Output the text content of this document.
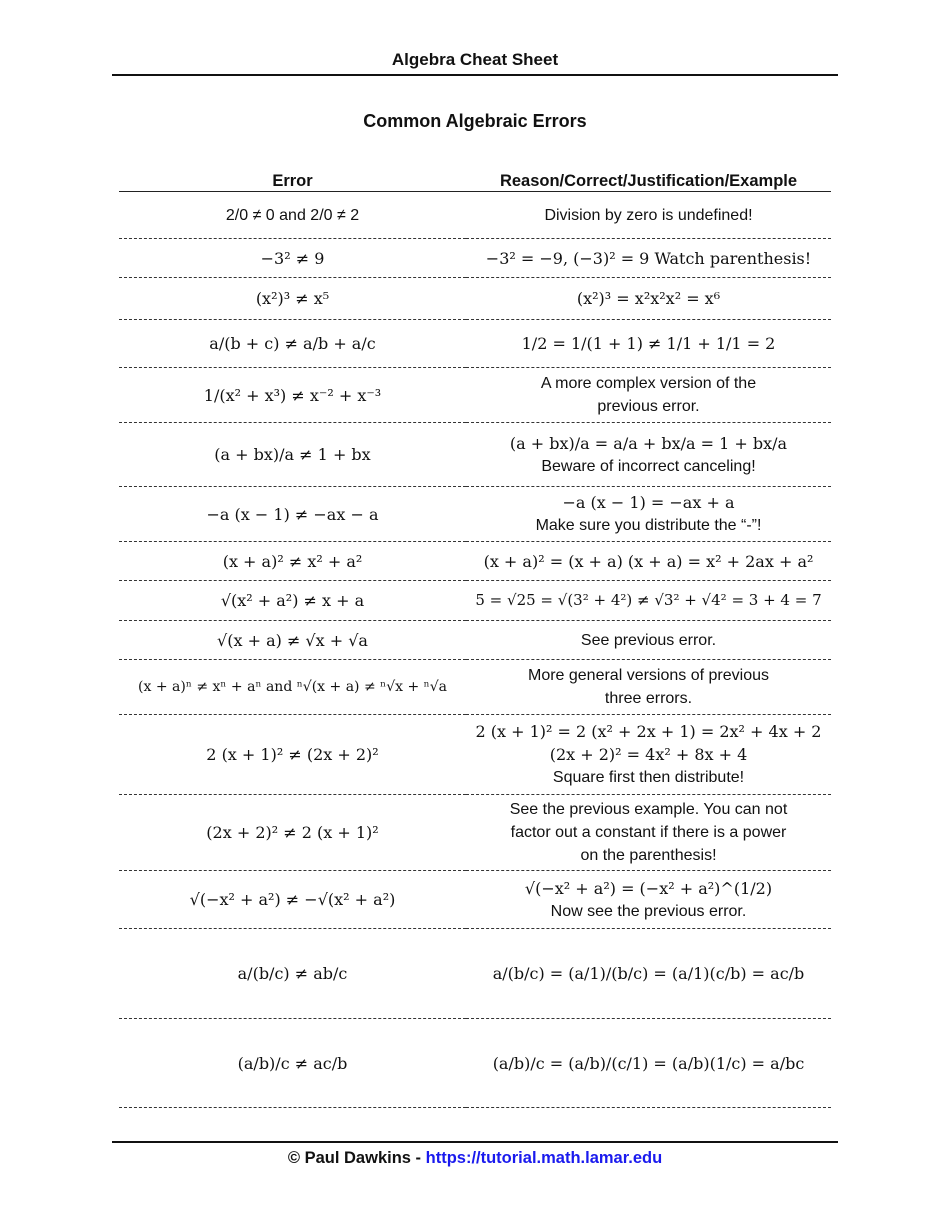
Algebra Cheat Sheet
Common Algebraic Errors
Error	Reason/Correct/Justification/Example
2/0 ≠ 0 and 2/0 ≠ 2	Division by zero is undefined!

−3² ≠ 9	−3² = −9, (−3)² = 9 Watch parenthesis!

(x²)³ ≠ x⁵	(x²)³ = x²x²x² = x⁶

a/(b + c) ≠ a/b + a/c	1/2 = 1/(1 + 1) ≠ 1/1 + 1/1 = 2

1/(x² + x³) ≠ x⁻² + x⁻³	A more complex version of the
previous error.

(a + bx)/a ≠ 1 + bx	(a + bx)/a = a/a + bx/a = 1 + bx/a
Beware of incorrect canceling!

−a (x − 1) ≠ −ax − a	−a (x − 1) = −ax + a
Make sure you distribute the “-”!

(x + a)² ≠ x² + a²	(x + a)² = (x + a) (x + a) = x² + 2ax + a²

√(x² + a²) ≠ x + a	5 = √25 = √(3² + 4²) ≠ √3² + √4² = 3 + 4 = 7

√(x + a) ≠ √x + √a	See previous error.

(x + a)ⁿ ≠ xⁿ + aⁿ and ⁿ√(x + a) ≠ ⁿ√x + ⁿ√a	More general versions of previous
three errors.

2 (x + 1)² ≠ (2x + 2)²	2 (x + 1)² = 2 (x² + 2x + 1) = 2x² + 4x + 2
(2x + 2)² = 4x² + 8x + 4
Square first then distribute!

(2x + 2)² ≠ 2 (x + 1)²	See the previous example. You can not
factor out a constant if there is a power
on the parenthesis!

√(−x² + a²) ≠ −√(x² + a²)	√(−x² + a²) = (−x² + a²)^(1/2)
Now see the previous error.

a/(b/c) ≠ ab/c	a/(b/c) = (a/1)/(b/c) = (a/1)(c/b) = ac/b

(a/b)/c ≠ ac/b	(a/b)/c = (a/b)/(c/1) = (a/b)(1/c) = a/bc
© Paul Dawkins - https://tutorial.math.lamar.edu
